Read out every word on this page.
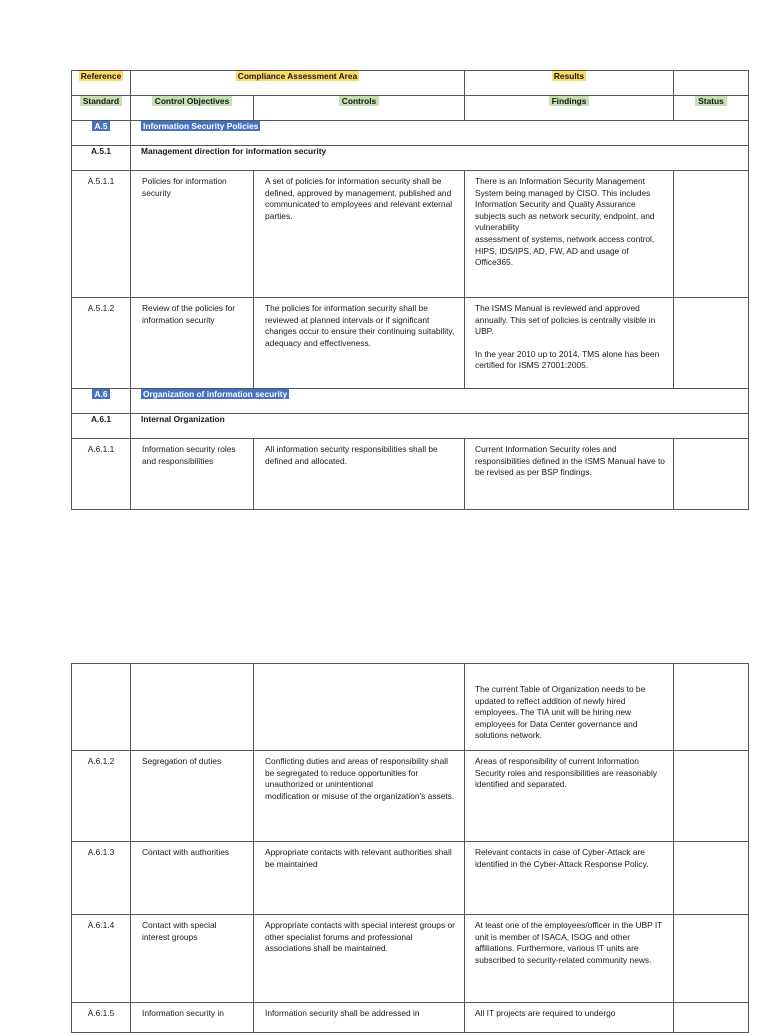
Reference	Compliance Assessment Area		Results	
Standard	Control Objectives	Controls	Findings	Status
A.5	Information Security Policies			
A.5.1	Management direction for information security			
A.5.1.1	Policies for information security	A set of policies for information security shall be defined, approved by management, published and communicated to employees and relevant external parties.	There is an Information Security Management System being managed by CISO. This includes Information Security and Quality Assurance subjects such as network security, endpoint, and vulnerability
assessment of systems, network access control, HIPS, IDS/IPS, AD, FW, AD and usage of Office365.	

A.5.1.2	Review of the policies for information security	The policies for information security shall be reviewed at planned intervals or if significant changes occur to ensure their continuing suitability, adequacy and effectiveness.	The ISMS Manual is reviewed and approved annually. This set of policies is centrally visible in UBP.
In the year 2010 up to 2014, TMS alone has been certified for ISMS 27001:2005.	

A.6	Organization of information security			
A.6.1	Internal Organization			
A.6.1.1	Information security roles and responsibilities	All information security responsibilities shall be defined and allocated.	Current Information Security roles and responsibilities defined in the ISMS Manual have to be revised as per BSP findings.	
			The current Table of Organization needs to be updated to reflect addition of newly hired employees. The TIA unit will be hiring new employees for Data Center governance and solutions network.	
A.6.1.2	Segregation of duties	Conflicting duties and areas of responsibility shall be segregated to reduce opportunities for unauthorized or unintentional
modification or misuse of the organization's assets.	Areas of responsibility of current Information Security roles and responsibilities are reasonably identified and separated.	
A.6.1.3	Contact with authorities	Appropriate contacts with relevant authorities shall be maintained	Relevant contacts in case of Cyber-Attack are identified in the Cyber-Attack Response Policy.	
A.6.1.4	Contact with special interest groups	Appropriate contacts with special interest groups or other specialist forums and professional associations shall be maintained.	At least one of the employees/officer in the UBP IT unit is member of ISACA, ISOG and other affiliations. Furthermore, various IT units are subscribed to security-related community news.	
A.6.1.5	Information security in	Information security shall be addressed in	All IT projects are required to undergo	
